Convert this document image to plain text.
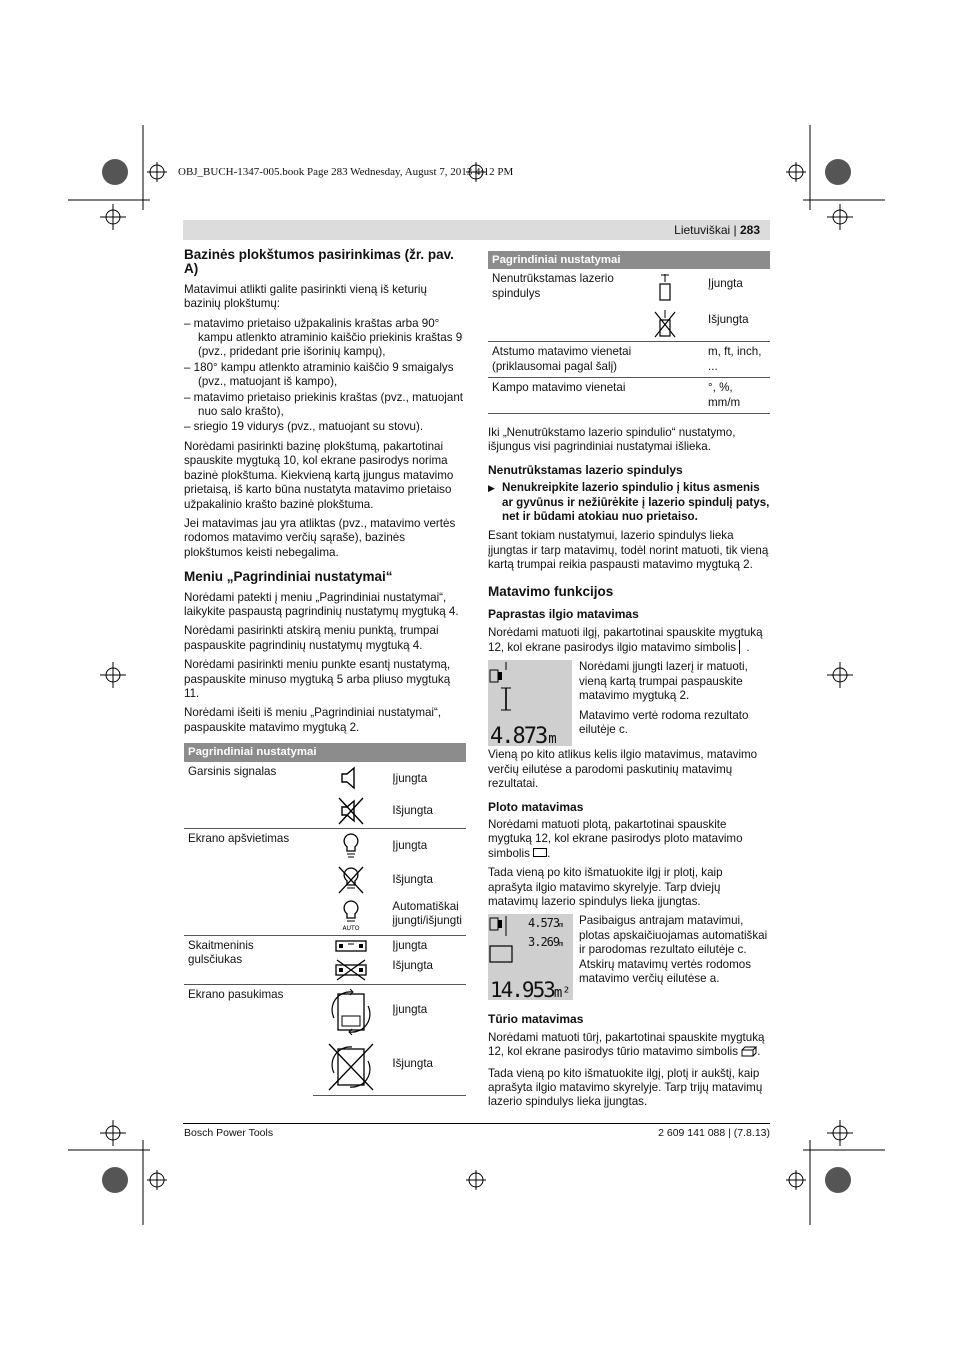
OBJ_BUCH-1347-005.book Page 283 Wednesday, August 7, 2013 4:12 PM
Lietuviškai | 283
Bazinės plokštumos pasirinkimas (žr. pav. A)

Matavimui atlikti galite pasirinkti vieną iš keturių bazinių plokštumų:

– matavimo prietaiso užpakalinis kraštas arba 90° kampu atlenkto atraminio kaiščio priekinis kraštas 9 (pvz., pridedant prie išorinių kampų),

– 180° kampu atlenkto atraminio kaiščio 9 smaigalys (pvz., matuojant iš kampo),

– matavimo prietaiso priekinis kraštas (pvz., matuojant nuo salo krašto),

– sriegio 19 vidurys (pvz., matuojant su stovu).

Norėdami pasirinkti bazinę plokštumą, pakartotinai spauskite mygtuką 10, kol ekrane pasirodys norima bazinė plokštuma. Kiekvieną kartą įjungus matavimo prietaisą, iš karto būna nustatyta matavimo prietaiso užpakalinio krašto bazinė plokštuma.

Jei matavimas jau yra atliktas (pvz., matavimo vertės rodomos matavimo verčių sąraše), bazinės plokštumos keisti nebegalima.

Meniu „Pagrindiniai nustatymai“

Norėdami patekti į meniu „Pagrindiniai nustatymai“, laikykite paspaustą pagrindinių nustatymų mygtuką 4.

Norėdami pasirinkti atskirą meniu punktą, trumpai paspauskite pagrindinių nustatymų mygtuką 4.

Norėdami pasirinkti meniu punkte esantį nustatymą, paspauskite minuso mygtuką 5 arba pliuso mygtuką 11.

Norėdami išeiti iš meniu „Pagrindiniai nustatymai“, paspauskite matavimo mygtuką 2.

Pagrindiniai nustatymai		
Garsinis signalas		Įjungta

	Išjungta
Ekrano apšvietimas		Įjungta

	Išjungta

AUTO	Automatiškai įjungti/išjungti
Skaitmeninis gulsčiukas		Įjungta

	Išjungta
Ekrano pasukimas		Įjungta

	Išjungta
Pagrindiniai nustatymai		
Nenutrūkstamas lazerio spindulys		Įjungta

	Išjungta
Atstumo matavimo vienetai (priklausomai pagal šalį)		m, ft, inch, ...
Kampo matavimo vienetai		°, %, mm/m

Iki „Nenutrūkstamo lazerio spindulio“ nustatymo, išjungus visi pagrindiniai nustatymai išlieka.

Nenutrūkstamas lazerio spindulys

▶ Nenukreipkite lazerio spindulio į kitus asmenis ar gyvūnus ir nežiūrėkite į lazerio spindulį patys, net ir būdami atokiau nuo prietaiso.

Esant tokiam nustatymui, lazerio spindulys lieka įjungtas ir tarp matavimų, todėl norint matuoti, tik vieną kartą trumpai reikia paspausti matavimo mygtuką 2.

Matavimo funkcijos
Paprastas ilgio matavimas

Norėdami matuoti ilgį, pakartotinai spauskite mygtuką 12, kol ekrane pasirodys ilgio matavimo simbolis .

4.873 m

Norėdami įjungti lazerį ir matuoti, vieną kartą trumpai paspauskite matavimo mygtuką 2.

Matavimo vertė rodoma rezultato eilutėje c.

Vieną po kito atlikus kelis ilgio matavimus, matavimo verčių eilutėse a parodomi paskutinių matavimų rezultatai.

Ploto matavimas

Norėdami matuoti plotą, pakartotinai spauskite mygtuką 12, kol ekrane pasirodys ploto matavimo simbolis .

Tada vieną po kito išmatuokite ilgį ir plotį, kaip aprašyta ilgio matavimo skyrelyje. Tarp dviejų matavimų lazerio spindulys lieka įjungtas.

4.573m
3.269m
14.953m²

Pasibaigus antrajam matavimui, plotas apskaičiuojamas automatiškai ir parodomas rezultato eilutėje c. Atskirų matavimų vertės rodomos matavimo verčių eilutėse a.

Tūrio matavimas

Norėdami matuoti tūrį, pakartotinai spauskite mygtuką 12, kol ekrane pasirodys tūrio matavimo simbolis .

Tada vieną po kito išmatuokite ilgį, plotį ir aukštį, kaip aprašyta ilgio matavimo skyrelyje. Tarp trijų matavimų lazerio spindulys lieka įjungtas.

Bosch Power Tools	2 609 141 088 | (7.8.13)
